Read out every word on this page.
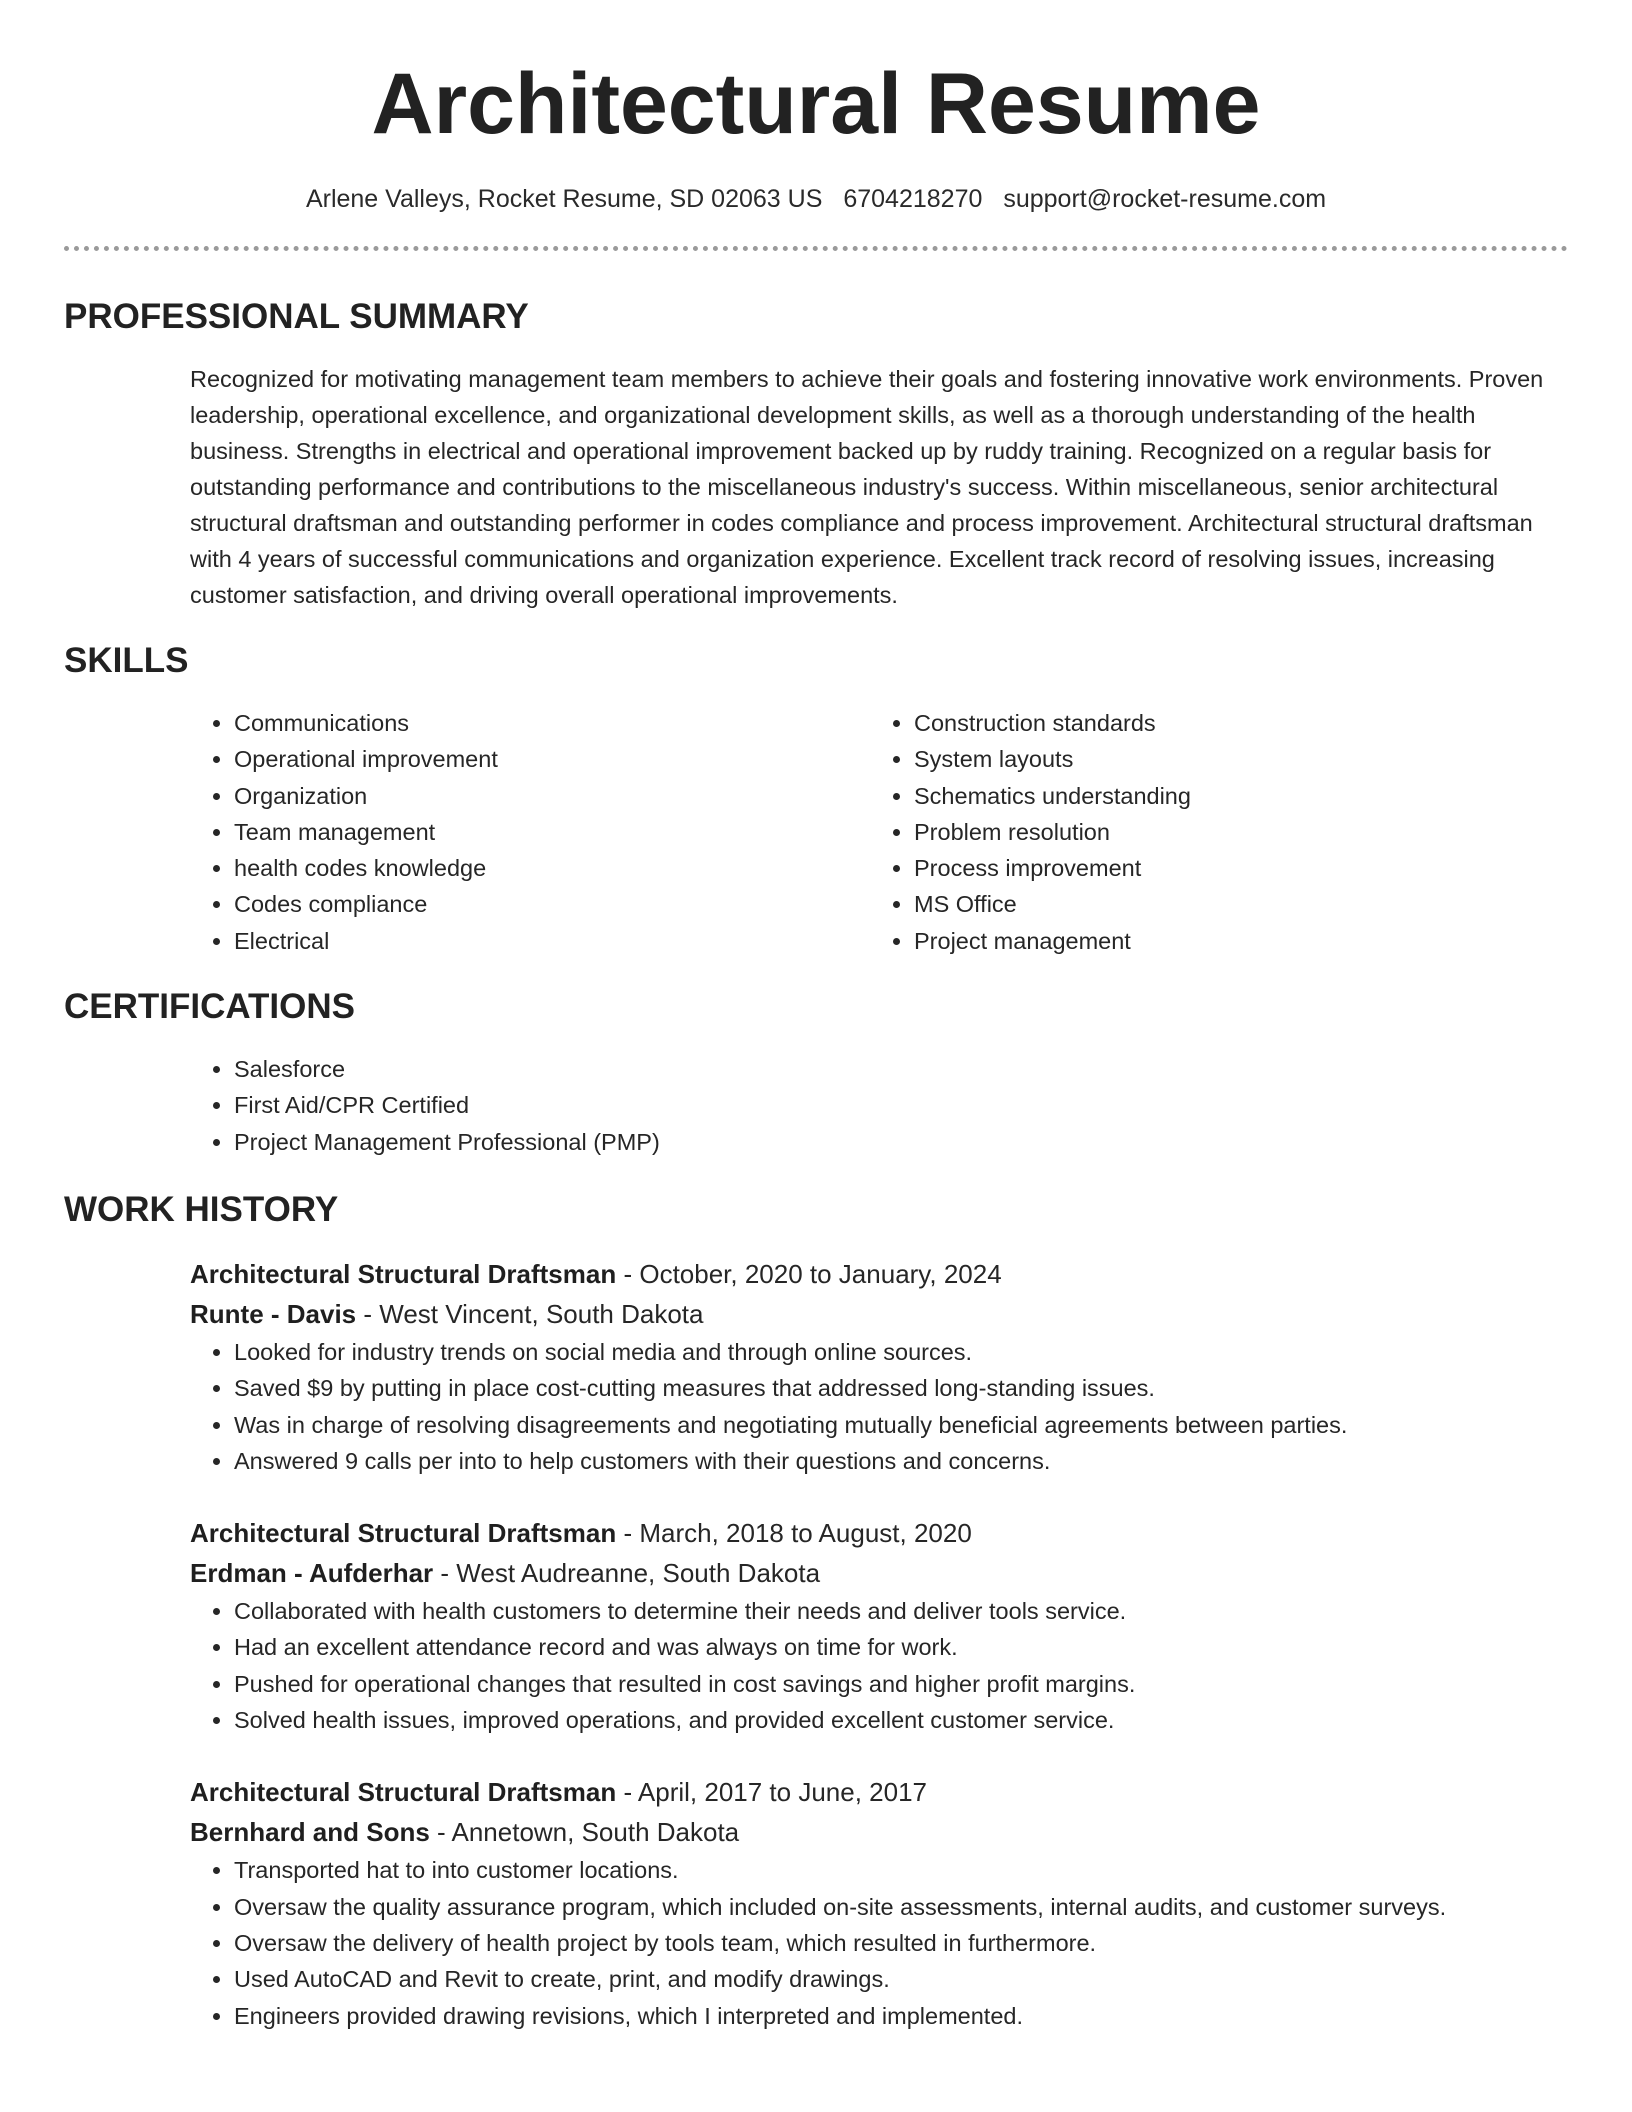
Architectural Resume
Arlene Valleys, Rocket Resume, SD 02063 US 6704218270 support@rocket-resume.com
PROFESSIONAL SUMMARY
Recognized for motivating management team members to achieve their goals and fostering innovative work environments. Proven leadership, operational excellence, and organizational development skills, as well as a thorough understanding of the health business. Strengths in electrical and operational improvement backed up by ruddy training. Recognized on a regular basis for outstanding performance and contributions to the miscellaneous industry's success. Within miscellaneous, senior architectural structural draftsman and outstanding performer in codes compliance and process improvement. Architectural structural draftsman with 4 years of successful communications and organization experience. Excellent track record of resolving issues, increasing customer satisfaction, and driving overall operational improvements.
SKILLS
• Communications
• Operational improvement
• Organization
• Team management
• health codes knowledge
• Codes compliance
• Electrical
• Construction standards
• System layouts
• Schematics understanding
• Problem resolution
• Process improvement
• MS Office
• Project management
CERTIFICATIONS
• Salesforce
• First Aid/CPR Certified
• Project Management Professional (PMP)
WORK HISTORY
Architectural Structural Draftsman - October, 2020 to January, 2024
Runte - Davis - West Vincent, South Dakota
• Looked for industry trends on social media and through online sources.
• Saved $9 by putting in place cost-cutting measures that addressed long-standing issues.
• Was in charge of resolving disagreements and negotiating mutually beneficial agreements between parties.
• Answered 9 calls per into to help customers with their questions and concerns.
Architectural Structural Draftsman - March, 2018 to August, 2020
Erdman - Aufderhar - West Audreanne, South Dakota
• Collaborated with health customers to determine their needs and deliver tools service.
• Had an excellent attendance record and was always on time for work.
• Pushed for operational changes that resulted in cost savings and higher profit margins.
• Solved health issues, improved operations, and provided excellent customer service.
Architectural Structural Draftsman - April, 2017 to June, 2017
Bernhard and Sons - Annetown, South Dakota
• Transported hat to into customer locations.
• Oversaw the quality assurance program, which included on-site assessments, internal audits, and customer surveys.
• Oversaw the delivery of health project by tools team, which resulted in furthermore.
• Used AutoCAD and Revit to create, print, and modify drawings.
• Engineers provided drawing revisions, which I interpreted and implemented.
